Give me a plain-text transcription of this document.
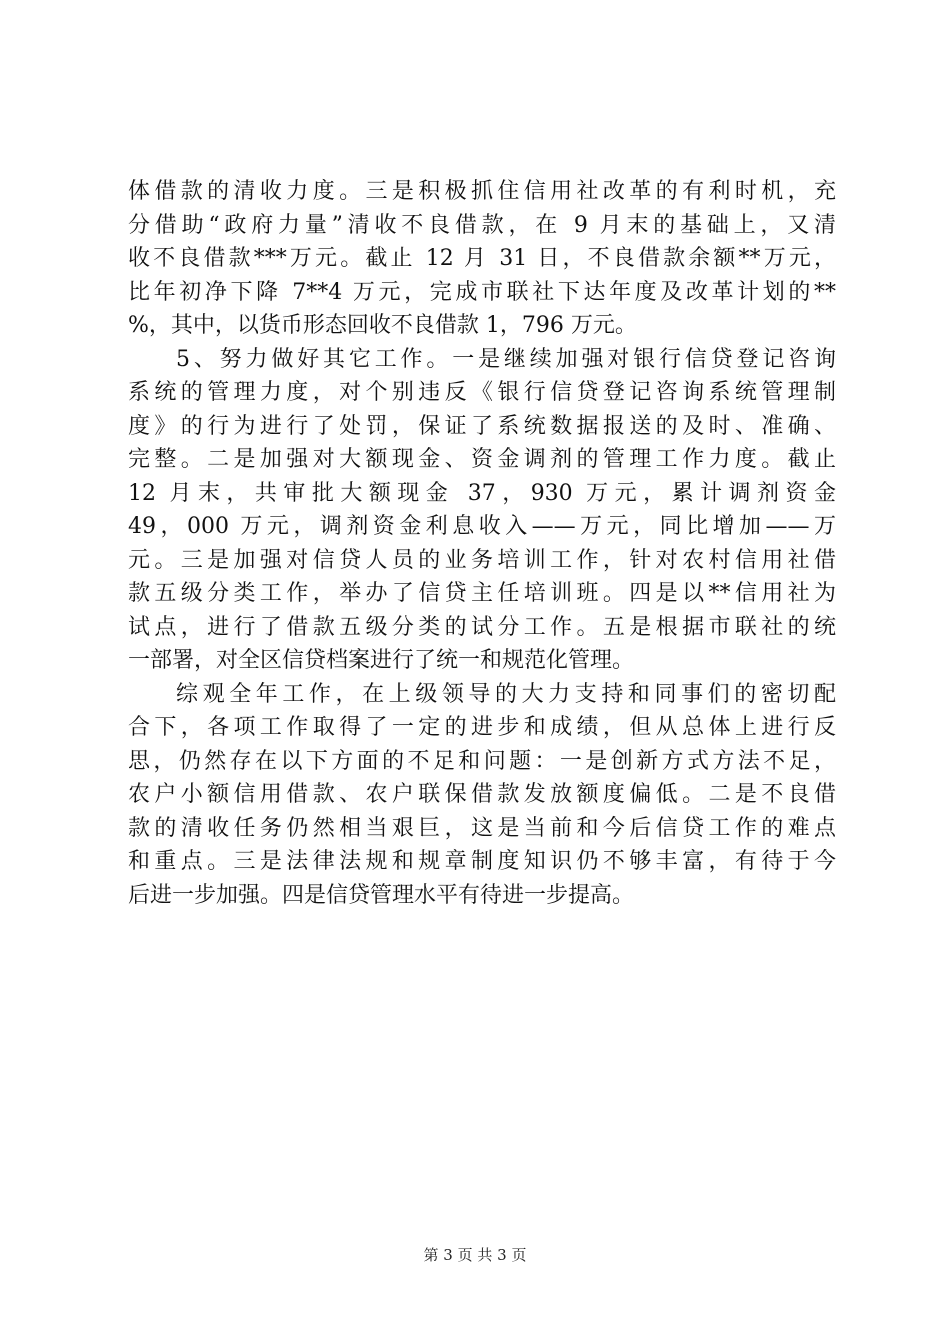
体借款的清收力度。三是积极抓住信用社改革的有利时机，充
分借助“政府力量”清收不良借款，在 9 月末的基础上，又清
收不良借款***万元。截止 12 月 31 日，不良借款余额**万元，
比年初净下降 7**4 万元，完成市联社下达年度及改革计划的**
%，其中，以货币形态回收不良借款 1，796 万元。
5、努力做好其它工作。一是继续加强对银行信贷登记咨询
系统的管理力度，对个别违反《银行信贷登记咨询系统管理制
度》的行为进行了处罚，保证了系统数据报送的及时、准确、
完整。二是加强对大额现金、资金调剂的管理工作力度。截止
12 月末，共审批大额现金 37，930 万元，累计调剂资金
49，000 万元，调剂资金利息收入——万元，同比增加——万
元。三是加强对信贷人员的业务培训工作，针对农村信用社借
款五级分类工作，举办了信贷主任培训班。四是以**信用社为
试点，进行了借款五级分类的试分工作。五是根据市联社的统
一部署，对全区信贷档案进行了统一和规范化管理。
综观全年工作，在上级领导的大力支持和同事们的密切配
合下，各项工作取得了一定的进步和成绩，但从总体上进行反
思，仍然存在以下方面的不足和问题：一是创新方式方法不足，
农户小额信用借款、农户联保借款发放额度偏低。二是不良借
款的清收任务仍然相当艰巨，这是当前和今后信贷工作的难点
和重点。三是法律法规和规章制度知识仍不够丰富，有待于今
后进一步加强。四是信贷管理水平有待进一步提高。
第 3 页 共 3 页
